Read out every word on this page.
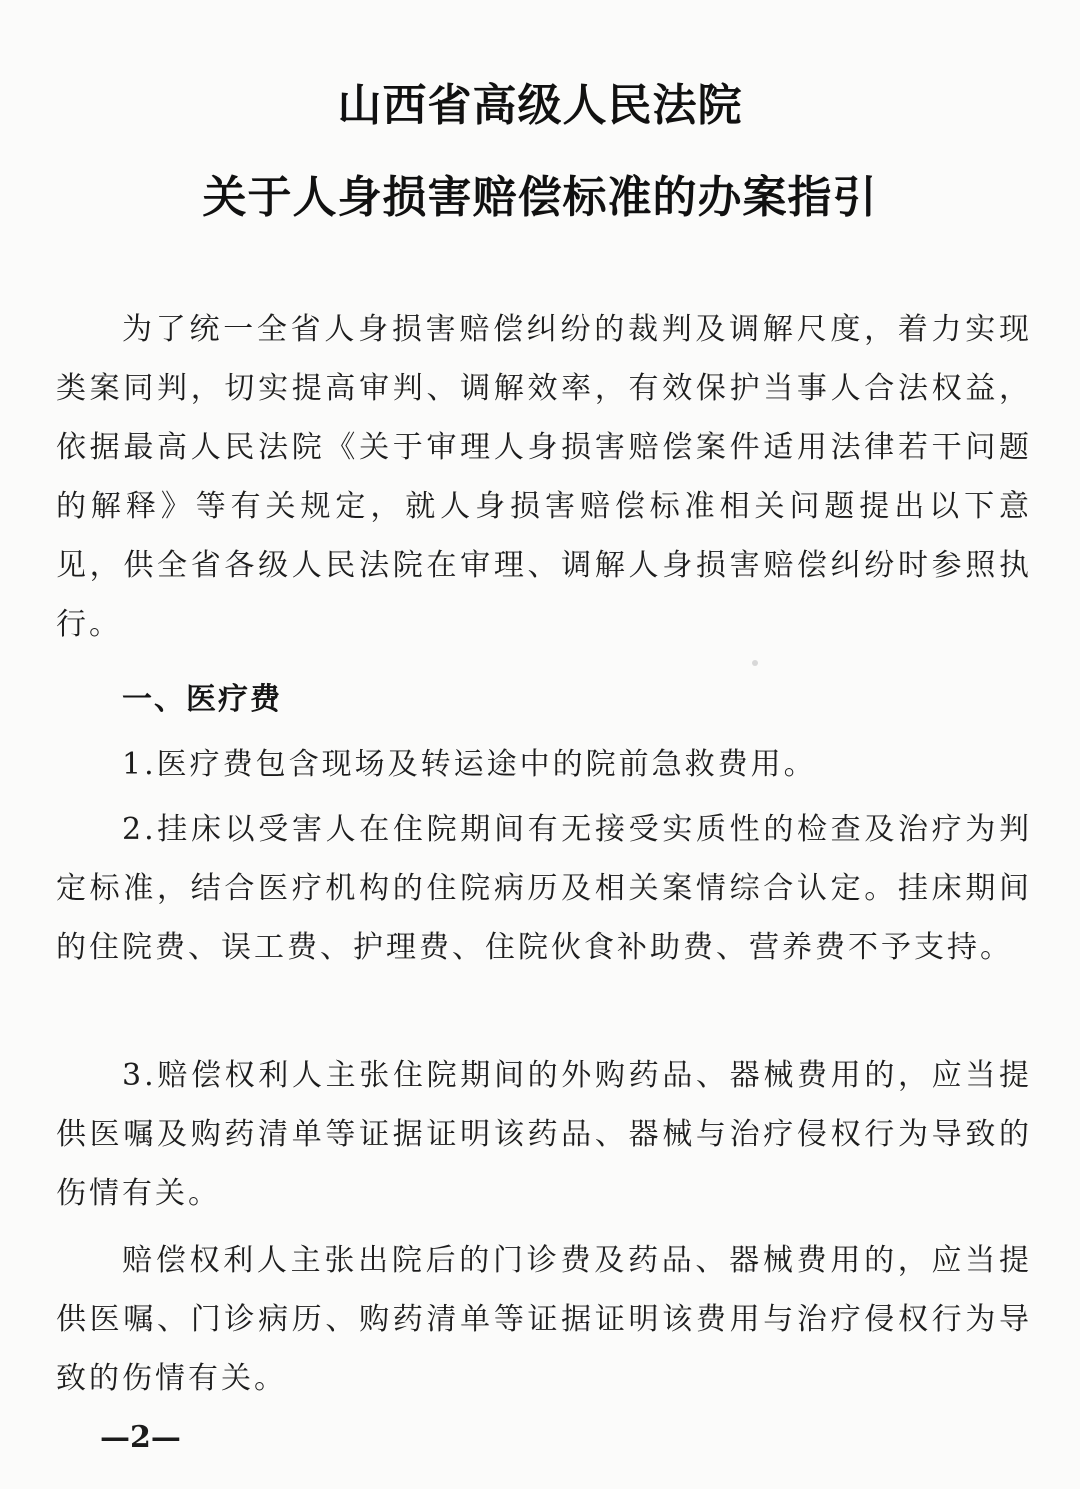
山西省高级人民法院
关于人身损害赔偿标准的办案指引

为了统一全省人身损害赔偿纠纷的裁判及调解尺度，着力实现类案同判，切实提高审判、调解效率，有效保护当事人合法权益，依据最高人民法院《关于审理人身损害赔偿案件适用法律若干问题的解释》等有关规定，就人身损害赔偿标准相关问题提出以下意见，供全省各级人民法院在审理、调解人身损害赔偿纠纷时参照执行。

一、医疗费

1.医疗费包含现场及转运途中的院前急救费用。

2.挂床以受害人在住院期间有无接受实质性的检查及治疗为判定标准，结合医疗机构的住院病历及相关案情综合认定。挂床期间的住院费、误工费、护理费、住院伙食补助费、营养费不予支持。

3.赔偿权利人主张住院期间的外购药品、器械费用的，应当提供医嘱及购药清单等证据证明该药品、器械与治疗侵权行为导致的伤情有关。

赔偿权利人主张出院后的门诊费及药品、器械费用的，应当提供医嘱、门诊病历、购药清单等证据证明该费用与治疗侵权行为导致的伤情有关。

—2—
